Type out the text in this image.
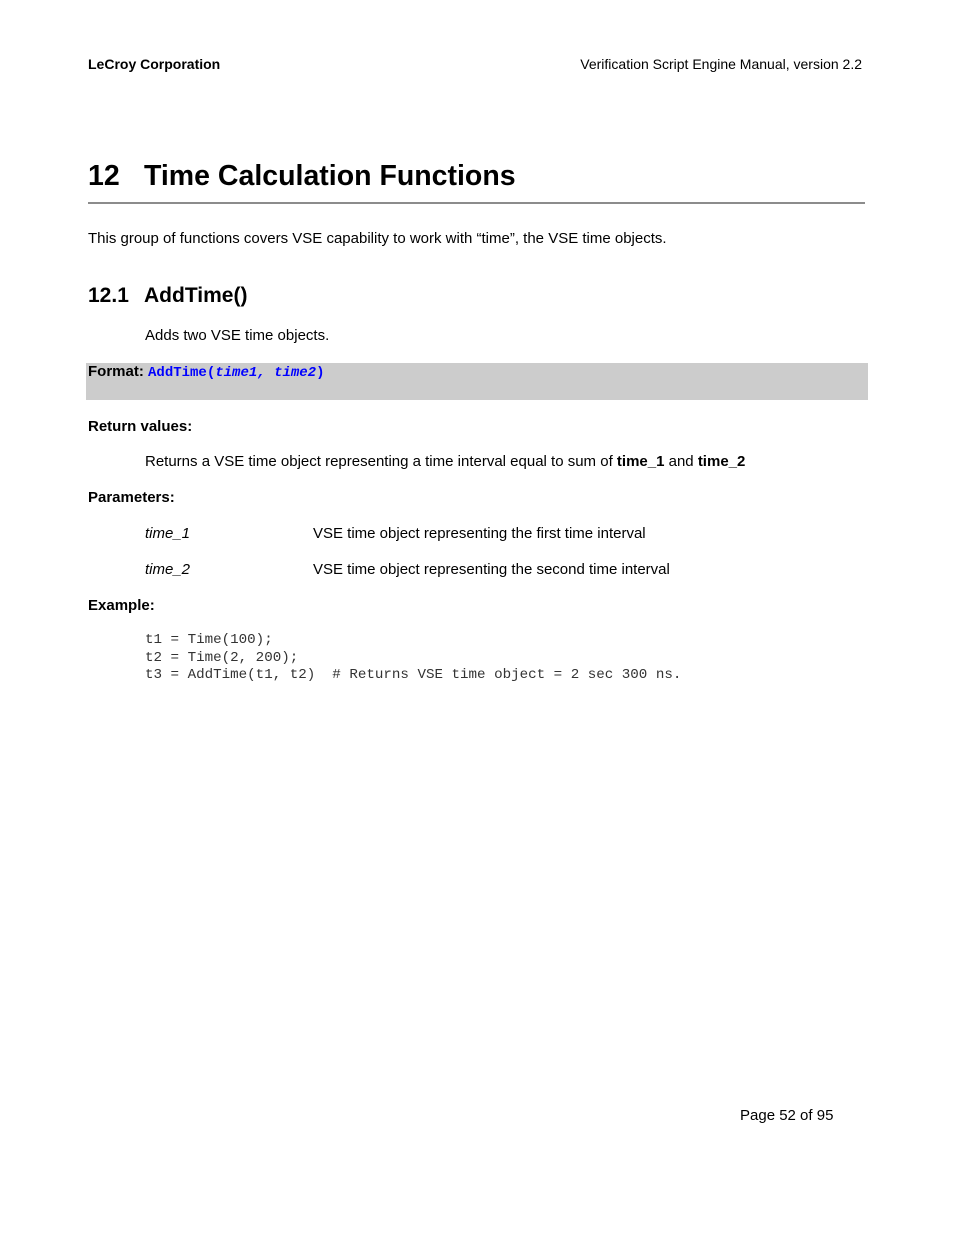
LeCroy Corporation	Verification Script Engine Manual, version 2.2
12 Time Calculation Functions
This group of functions covers VSE capability to work with “time”, the VSE time objects.
12.1 AddTime()
Adds two VSE time objects.
Format: AddTime(time1, time2)
Return values:
Returns a VSE time object representing a time interval equal to sum of time_1 and time_2
Parameters:
time_1	VSE time object representing the first time interval
time_2	VSE time object representing the second time interval
Example:
t1 = Time(100);
t2 = Time(2, 200);
t3 = AddTime(t1, t2)  # Returns VSE time object = 2 sec 300 ns.
Page 52 of 95
